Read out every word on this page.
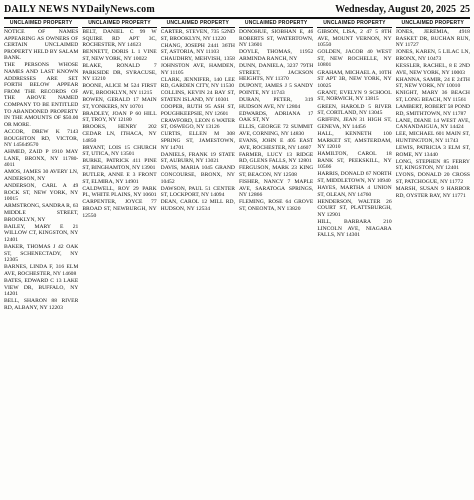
DAILY NEWS NYDailyNews.com	Wednesday, August 20, 2025 25
UNCLAIMED PROPERTY
NOTICE OF NAMES APPEARING AS OWNERS OF CERTAIN UNCLAIMED PROPERTY HELD BY SALAM BANK.
THE PERSONS WHOSE NAMES AND LAST KNOWN ADDRESSES ARE SET FORTH BELOW APPEAR FROM THE RECORDS OF THE ABOVE NAMED COMPANY TO BE ENTITLED TO ABANDONED PROPERTY IN THE AMOUNTS OF $50.00 OR MORE.
ACCOR, DREW K 7143 BOUGHTON RD, VICTOR, NY 145649570
AHMED, ZAID P 1910 MAY LANE, BRONX, NY 11780-4011
AMOS, JAMES 30 AVERY LN, ANDERSON, NY
ANDERSON, CARL A 49 ROCK ST, NEW YORK, NY 10015
ARMSTRONG, SANDRA R, 63 MIDDLE STREET, BROOKLYN, NY
BAILEY, MARY E 21 WILLOW CT, KINGSTON, NY 12401
BAKER, THOMAS J 42 OAK ST, SCHENECTADY, NY 12305
BARNES, LINDA F, 316 ELM AVE, ROCHESTER, NY 14608
BATES, EDWARD C 13 LAKE VIEW DR, BUFFALO, NY 14201
BELL, SHARON 88 RIVER RD, ALBANY, NY 12203
UNCLAIMED PROPERTY
BELT, DANIEL C 99 W SQUIRE RD APT 3C, ROCHESTER, NY 14623
BENNETT, DORIS L 1 VINE ST, NEW YORK, NY 10022
BLAKE, RONALD 7 PARKSIDE DR, SYRACUSE, NY 13210
BOONE, ALICE M 524 FIRST AVE, BROOKLYN, NY 11215
BOWEN, GERALD 17 MAIN ST, YONKERS, NY 10701
BRADLEY, JOAN P 60 HILL ST, TROY, NY 12180
BROOKS, HENRY 202 CEDAR LN, ITHACA, NY 14850
BRYANT, LOIS 15 CHURCH ST, UTICA, NY 13501
BURKE, PATRICK 411 PINE ST, BINGHAMTON, NY 13901
BUTLER, ANNE E 3 FRONT ST, ELMIRA, NY 14901
CALDWELL, ROY 29 PARK PL, WHITE PLAINS, NY 10601
CARPENTER, JOYCE 77 BROAD ST, NEWBURGH, NY 12550
UNCLAIMED PROPERTY
CARTER, STEVEN, 735 52ND ST, BROOKLYN, NY 11220
CHANG, JOSEPH 2441 36TH ST, ASTORIA, NY 11103
CHAUDHRY, MEHVISH, 1358 JOHNSTON AVE, HAMDEN, NY 11105
CLARK, JENNIFER, 140 LEE RD, GARDEN CITY, NY 11530
COLLINS, KEVIN 24 BAY ST, STATEN ISLAND, NY 10301
COOPER, RUTH 95 ASH ST, POUGHKEEPSIE, NY 12601
CRAWFORD, LEON 6 WATER ST, OSWEGO, NY 13126
CURTIS, ELLEN M 308 SPRING ST, JAMESTOWN, NY 14701
DANIELS, FRANK 19 STATE ST, AUBURN, NY 13021
DAVIS, MARIA 1045 GRAND CONCOURSE, BRONX, NY 10452
DAWSON, PAUL 51 CENTER ST, LOCKPORT, NY 14094
DEAN, CAROL 12 MILL RD, HUDSON, NY 12534
UNCLAIMED PROPERTY
DONOHUE, SIOBHAN E, 46 ROBERTS ST, WATERTOWN, NY 13601
DOYLE, THOMAS, 11952 ARMINDA RANCH, NY
DUNN, DANIELA, 3237 79TH STREET, JACKSON HEIGHTS, NY 11370
DUPONT, JAMES J 5 SANDY POINTE, NY 11743
DURAN, PETER, 319 HUDSON AVE, NY 12804
EDWARDS, ADRIANA 17 OAK ST, NY
ELLIS, GEORGE 72 SUMMIT AVE, CORNING, NY 14830
EVANS, JOHN E 405 EAST AVE, ROCHESTER, NY 14607
FARMER, LUCY 13 RIDGE RD, GLENS FALLS, NY 12801
FERGUSON, MARK 23 KING ST, BEACON, NY 12508
FISHER, NANCY 7 MAPLE AVE, SARATOGA SPRINGS, NY 12866
FLEMING, ROSE 64 GROVE ST, ONEONTA, NY 13820
UNCLAIMED PROPERTY
GIBSON, LISA, 2 47 5 8TH AVE, MOUNT VERNON, NY 10550
GOLDEN, JACOB 40 WEST ST, NEW ROCHELLE, NY 10801
GRAHAM, MICHAEL A, 10TH ST APT 3B, NEW YORK, NY 10025
GRANT, EVELYN 9 SCHOOL ST, NORWICH, NY 13815
GREEN, HAROLD 5 RIVER ST, CORTLAND, NY 13045
GRIFFIN, JEAN 31 HIGH ST, GENEVA, NY 14456
HALL, KENNETH 100 MARKET ST, AMSTERDAM, NY 12010
HAMILTON, CAROL 18 BANK ST, PEEKSKILL, NY 10566
HARRIS, DONALD 67 NORTH ST, MIDDLETOWN, NY 10940
HAYES, MARTHA 4 UNION ST, OLEAN, NY 14760
HENDERSON, WALTER 26 COURT ST, PLATTSBURGH, NY 12901
HILL, BARBARA 210 LINCOLN AVE, NIAGARA FALLS, NY 14301
UNCLAIMED PROPERTY
JONES, JEREMIA, 4918 BASKET DR, BUCHAN RUN, NY 11727
JONES, KAREN, 5 LILAC LN, BRONX, NY 10473
KESSLER, RACHEL, 8 E 2ND AVE, NEW YORK, NY 10003
KHANNA, SAMIR, 24 E 24TH ST, NEW YORK, NY 10010
KNIGHT, MARY 36 BEACH ST, LONG BEACH, NY 11561
LAMBERT, ROBERT 58 POND RD, SMITHTOWN, NY 11787
LANE, DIANE 14 WEST AVE, CANANDAIGUA, NY 14424
LEE, MICHAEL 601 MAIN ST, HUNTINGTON, NY 11743
LEWIS, PATRICIA 3 ELM ST, ROME, NY 13440
LONG, STEPHEN 85 FERRY ST, KINGSTON, NY 12401
LYONS, DONALD 20 CROSS ST, PATCHOGUE, NY 11772
MARSH, SUSAN 9 HARBOR RD, OYSTER BAY, NY 11771
